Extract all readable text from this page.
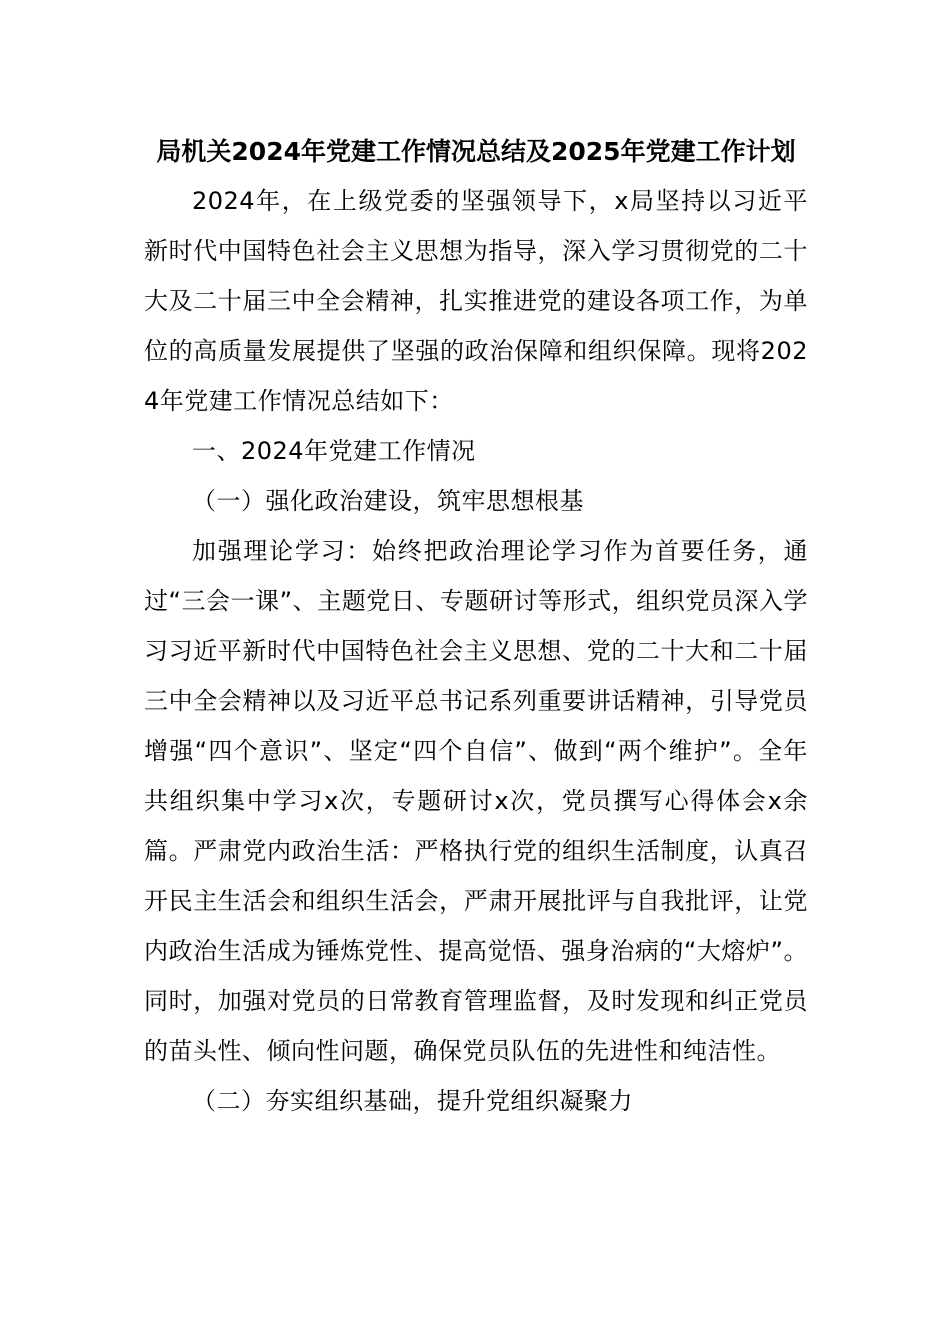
局机关2024年党建工作情况总结及2025年党建工作计划

2024年，在上级党委的坚强领导下，x局坚持以习近平新时代中国特色社会主义思想为指导，深入学习贯彻党的二十大及二十届三中全会精神，扎实推进党的建设各项工作，为单位的高质量发展提供了坚强的政治保障和组织保障。现将2024年党建工作情况总结如下：

一、2024年党建工作情况

（一）强化政治建设，筑牢思想根基

加强理论学习：始终把政治理论学习作为首要任务，通过“三会一课”、主题党日、专题研讨等形式，组织党员深入学习习近平新时代中国特色社会主义思想、党的二十大和二十届三中全会精神以及习近平总书记系列重要讲话精神，引导党员增强“四个意识”、坚定“四个自信”、做到“两个维护”。全年共组织集中学习x次，专题研讨x次，党员撰写心得体会x余篇。严肃党内政治生活：严格执行党的组织生活制度，认真召开民主生活会和组织生活会，严肃开展批评与自我批评，让党内政治生活成为锤炼党性、提高觉悟、强身治病的“大熔炉”。同时，加强对党员的日常教育管理监督，及时发现和纠正党员的苗头性、倾向性问题，确保党员队伍的先进性和纯洁性。

（二）夯实组织基础，提升党组织凝聚力
